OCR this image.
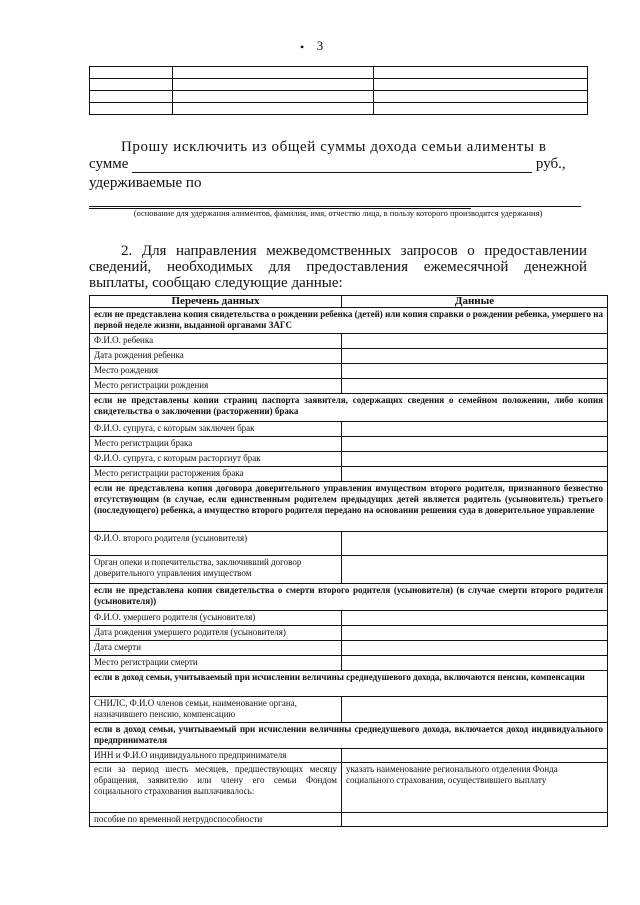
3
•

Прошу исключить из общей суммы дохода семьи алименты в
сумме	руб.,
удерживаемые по
(основание для удержания алиментов, фамилия, имя, отчество лица, в пользу которого производятся удержания)
2. Для направления межведомственных запросов о предоставлении сведений, необходимых для предоставления ежемесячной денежной выплаты, сообщаю следующие данные:
Перечень данных	Данные
если не представлена копия свидетельства о рождении ребенка (детей) или копия справки о рождении ребенка, умершего на первой неделе жизни, выданной органами ЗАГС	
Ф.И.О. ребенка	
Дата рождения ребенка	
Место рождения	
Место регистрации рождения	
если не представлены копии страниц паспорта заявителя, содержащих сведения о семейном положении, либо копия свидетельства о заключении (расторжении) брака	
Ф.И.О. супруга, с которым заключен брак	
Место регистрации брака	
Ф.И.О. супруга, с которым расторгнут брак	
Место регистрации расторжения брака	
если не представлена копия договора доверительного управления имуществом второго родителя, признанного безвестно отсутствующим (в случае, если единственным родителем предыдущих детей является родитель (усыновитель) третьего (последующего) ребенка, а имущество второго родителя передано на основании решения суда в доверительное управление	
Ф.И.О. второго родителя (усыновителя)	
Орган опеки и попечительства, заключивший договор доверительного управления имуществом	
если не представлена копия свидетельства о смерти второго родителя (усыновителя) (в случае смерти второго родителя (усыновителя))	
Ф.И.О. умершего родителя (усыновителя)	
Дата рождения умершего родителя (усыновителя)	
Дата смерти	
Место регистрации смерти	
если в доход семьи, учитываемый при исчислении величины среднедушевого дохода, включаются пенсии, компенсации	
СНИЛС, Ф.И.О членов семьи, наименование органа, назначившего пенсию, компенсацию	
если в доход семьи, учитываемый при исчислении величины среднедушевого дохода, включается доход индивидуального предпринимателя	
ИНН и Ф.И.О индивидуального предпринимателя	
если за период шесть месяцев, предшествующих месяцу обращения, заявителю или члену его семьи Фондом социального страхования выплачивалось:	указать наименование регионального отделения Фонда социального страхования, осуществившего выплату
пособие по временной нетрудоспособности	
